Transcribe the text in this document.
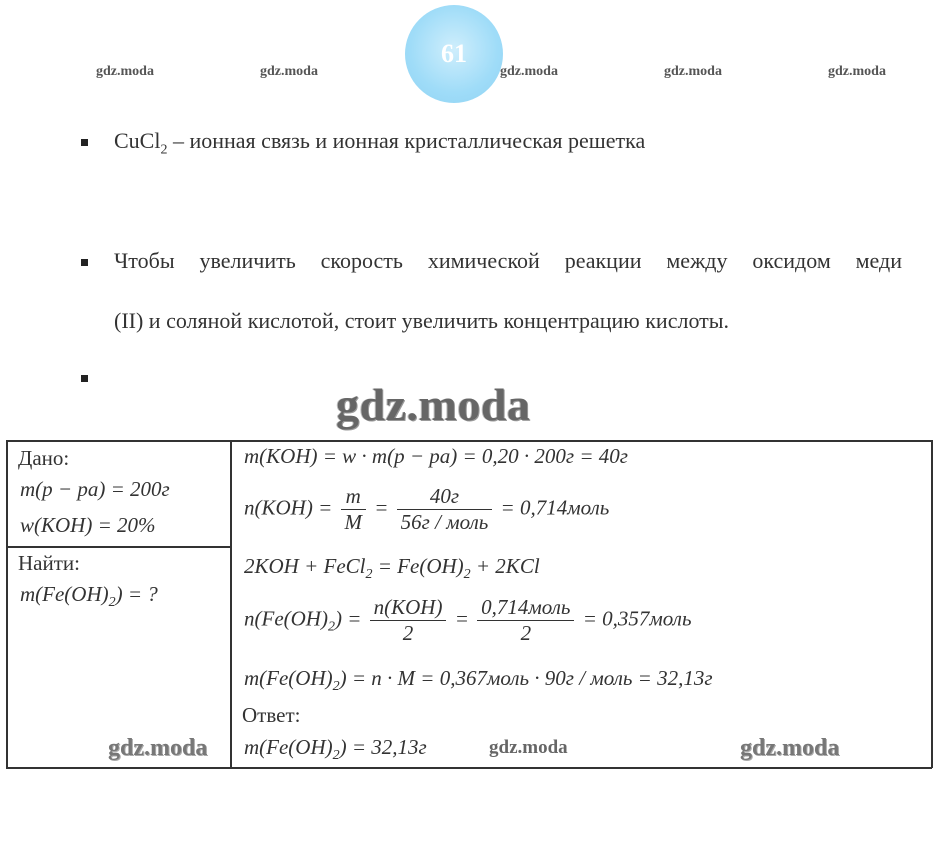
61
gdz.moda	gdz.moda	gdz.moda	gdz.moda	gdz.moda
CuCl$_2$ – ионная связь и ионная кристаллическая решетка
Чтобы увеличить скорость химической реакции между оксидом меди
(II) и соляной кислотой, стоит увеличить концентрацию кислоты.
gdz.moda
Дано:
m(p − pa) = 200г
w(KOH) = 20%
Найти:
$m(Fe(OH)_2)$ = ?
m(KOH) = w · m(p − pa) = 0,20 · 200г = 40г
$n(KOH) = \frac{m}{M} = \frac{40г}{\text{56г / моль}}$ = 0,714моль
2KOH + FeCl$_2$ = $Fe(OH)_2 + 2KCl$
$n(Fe(OH)_2) = \frac{\text{n(KOH)}}{2} = \frac{\text{0,714моль}}{2}$ = 0,357моль
$m(Fe(OH)_2) = n \cdot M$ = 0,367моль · 90г / моль = 32,13г
Ответ:
$m(Fe(OH)_2) = 32,13г$
gdz.moda	gdz.moda	gdz.moda
